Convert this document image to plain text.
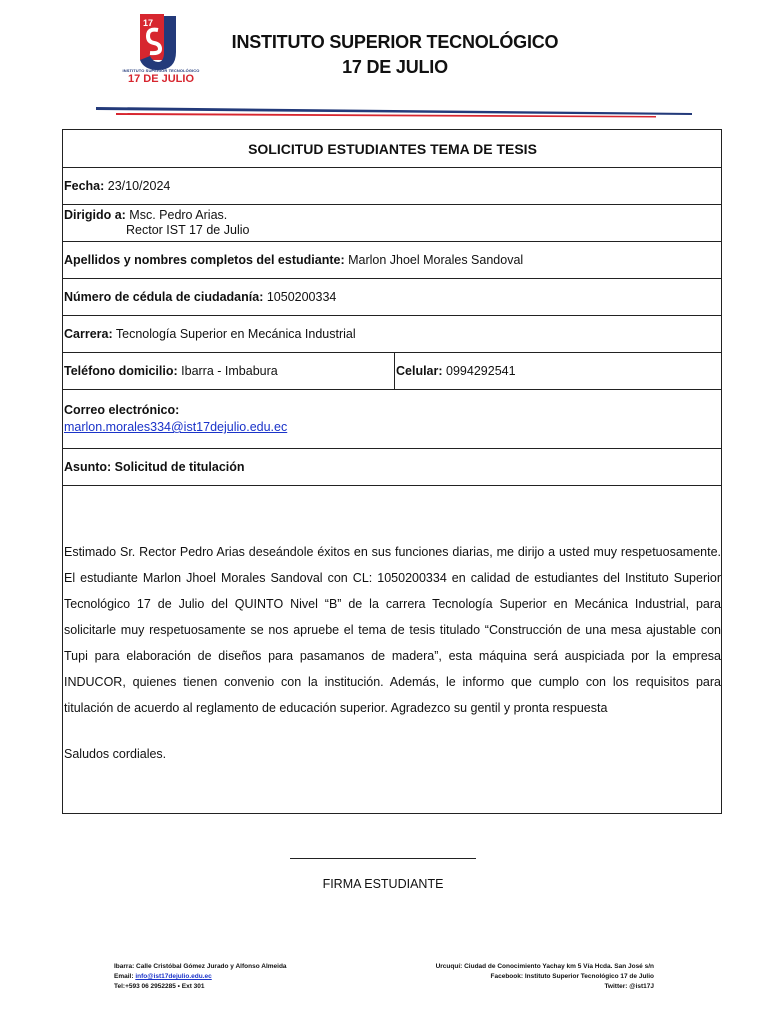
17
INSTITUTO SUPERIOR TECNOLÓGICO
17 DE JULIO
INSTITUTO SUPERIOR TECNOLÓGICO
17 DE JULIO
SOLICITUD ESTUDIANTES TEMA DE TESIS
Fecha: 23/10/2024

Dirigido a: Msc. Pedro Arias.
Rector IST 17 de Julio

Apellidos y nombres completos del estudiante: Marlon Jhoel Morales Sandoval
Número de cédula de ciudadanía: 1050200334
Carrera: Tecnología Superior en Mecánica Industrial
Teléfono domicilio: Ibarra - Imbabura	Celular: 0994292541

Correo electrónico:
marlon.morales334@ist17dejulio.edu.ec

Asunto: Solicitud de titulación

Estimado Sr. Rector Pedro Arias deseándole éxitos en sus funciones diarias, me dirijo a usted muy respetuosamente. El estudiante Marlon Jhoel Morales Sandoval con CL: 1050200334 en calidad de estudiantes del Instituto Superior Tecnológico 17 de Julio del QUINTO Nivel “B” de la carrera Tecnología Superior en Mecánica Industrial, para solicitarle muy respetuosamente se nos apruebe el tema de tesis titulado “Construcción de una mesa ajustable con Tupi para elaboración de diseños para pasamanos de madera”, esta máquina será auspiciada por la empresa INDUCOR, quienes tienen convenio con la institución. Además, le informo que cumplo con los requisitos para titulación de acuerdo al reglamento de educación superior. Agradezco su gentil y pronta respuesta

Saludos cordiales.
FIRMA ESTUDIANTE
Ibarra: Calle Cristóbal Gómez Jurado y Alfonso Almeida
Email: info@ist17dejulio.edu.ec
Tel:+593 06 2952285 • Ext 301
Urcuquí: Ciudad de Conocimiento Yachay km 5 Vía Hcda. San José s/n
Facebook: Instituto Superior Tecnológico 17 de Julio
Twitter: @ist17J
